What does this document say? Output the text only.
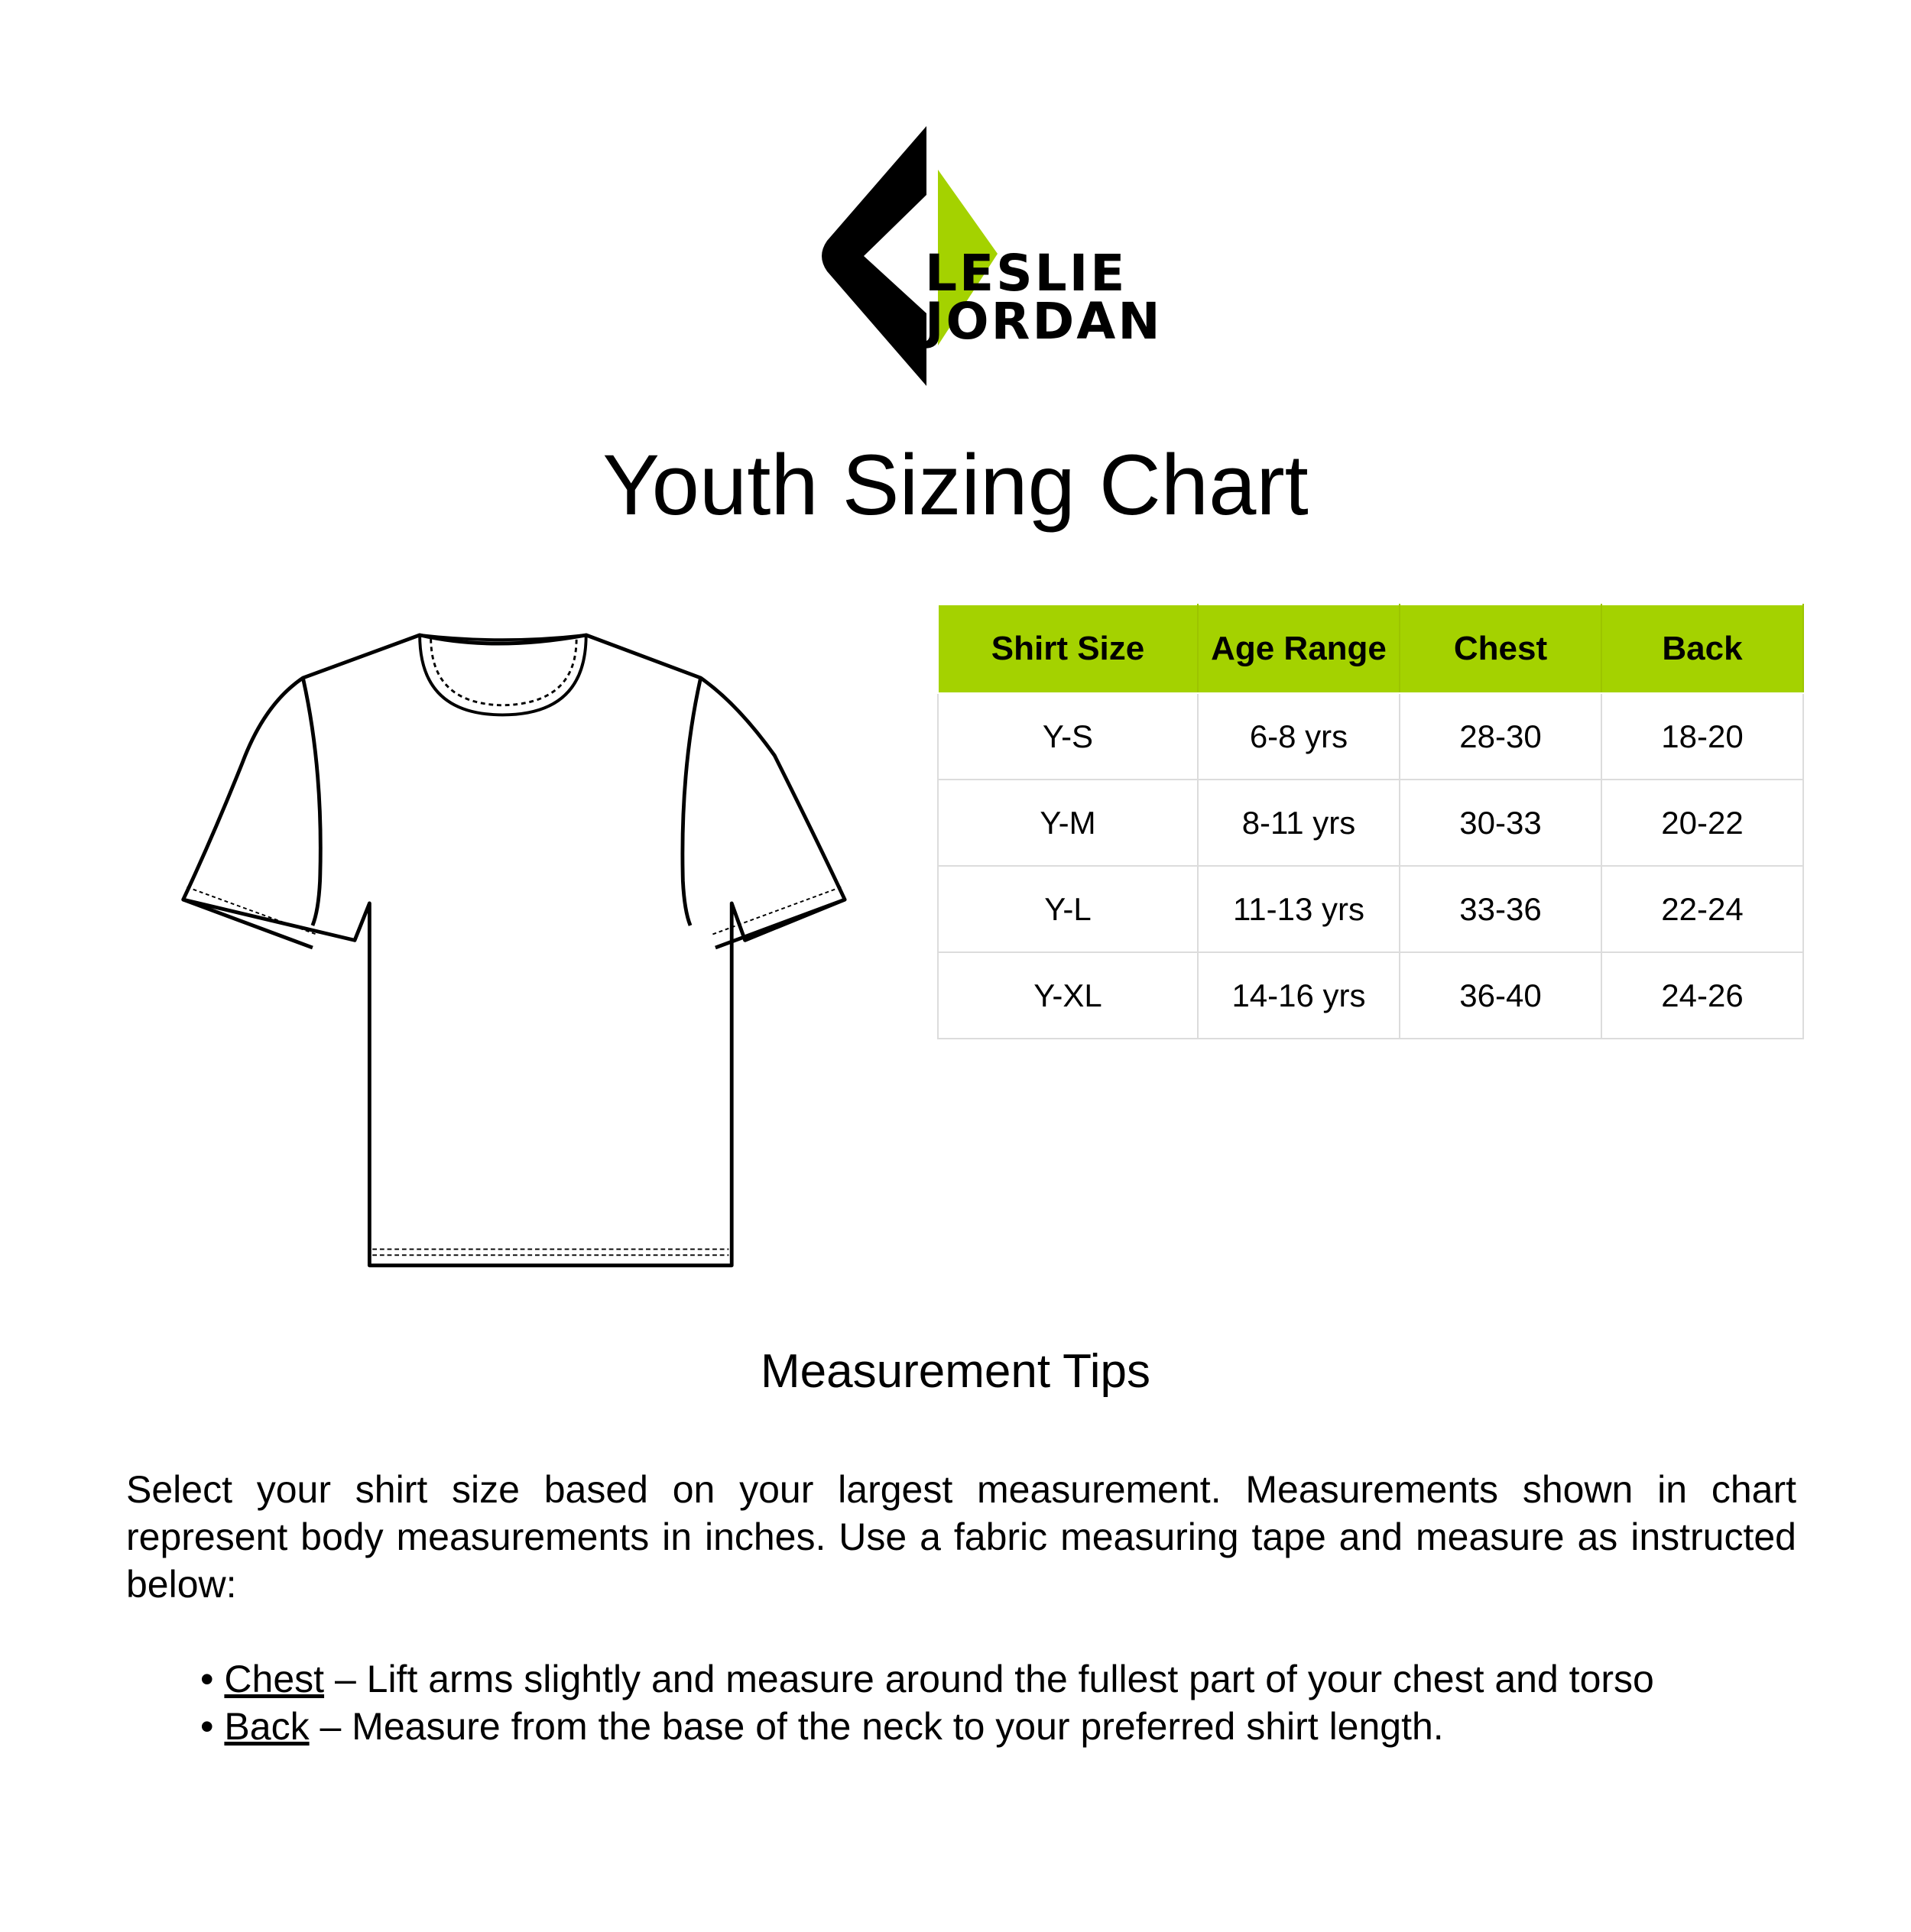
LESLIE
JORDAN
Youth Sizing Chart
Shirt Size	Age Range	Chest	Back
Y-S	6-8 yrs	28-30	18-20
Y-M	8-11 yrs	30-33	20-22
Y-L	11-13 yrs	33-36	22-24
Y-XL	14-16 yrs	36-40	24-26
Measurement Tips
Select your shirt size based on your largest measurement. Measurements shown in chart represent body measurements in inches. Use a fabric measuring tape and measure as instructed below:
• Chest – Lift arms slightly and measure around the fullest part of your chest and torso
• Back – Measure from the base of the neck to your preferred shirt length.
